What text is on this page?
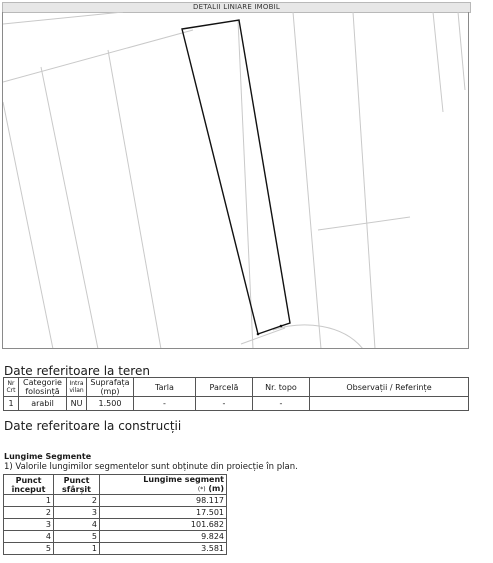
DETALII LINIARE IMOBIL
Date referitoare la teren
Nr Crt	Categorie folosință	Intra vilan	Suprafața (mp)	Tarla	Parcelă	Nr. topo	Observații / Referințe
1	arabil	NU	1.500	-	-	-	
Date referitoare la construcții
Lungime Segmente
1) Valorile lungimilor segmentelor sunt obținute din proiecție în plan.
Punct început	Punct sfârșit	Lungime segment
(*) (m)
1	2	98.117
2	3	17.501
3	4	101.682
4	5	9.824
5	1	3.581
